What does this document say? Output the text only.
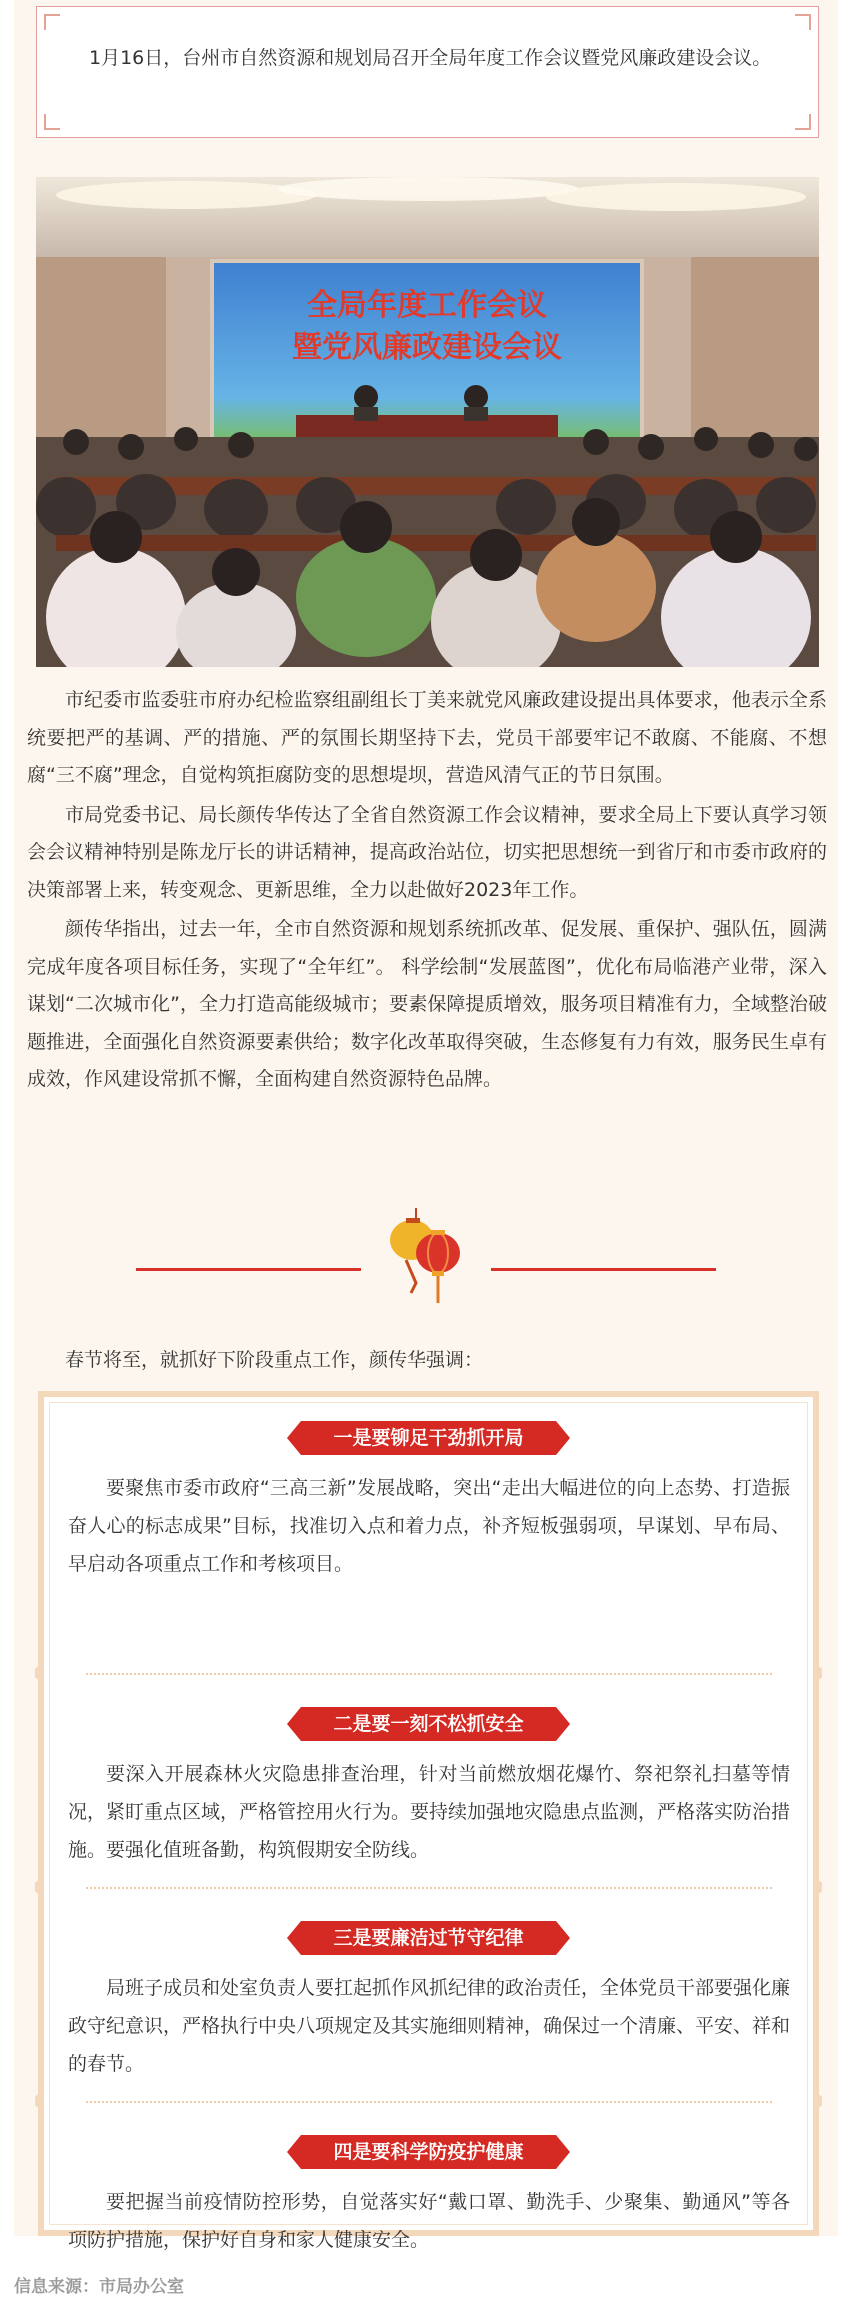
1月16日，台州市自然资源和规划局召开全局年度工作会议暨党风廉政建设会议。

全局年度工作会议
暨党风廉政建设会议

市纪委市监委驻市府办纪检监察组副组长丁美来就党风廉政建设提出具体要求，他表示全系统要把严的基调、严的措施、严的氛围长期坚持下去，党员干部要牢记不敢腐、不能腐、不想腐“三不腐”理念，自觉构筑拒腐防变的思想堤坝，营造风清气正的节日氛围。

市局党委书记、局长颜传华传达了全省自然资源工作会议精神，要求全局上下要认真学习领会会议精神特别是陈龙厅长的讲话精神，提高政治站位，切实把思想统一到省厅和市委市政府的决策部署上来，转变观念、更新思维，全力以赴做好2023年工作。

颜传华指出，过去一年，全市自然资源和规划系统抓改革、促发展、重保护、强队伍，圆满完成年度各项目标任务，实现了“全年红”。 科学绘制“发展蓝图”，优化布局临港产业带，深入谋划“二次城市化”，全力打造高能级城市；要素保障提质增效，服务项目精准有力，全域整治破题推进，全面强化自然资源要素供给；数字化改革取得突破，生态修复有力有效，服务民生卓有成效，作风建设常抓不懈，全面构建自然资源特色品牌。

春节将至，就抓好下阶段重点工作，颜传华强调：

一是要铆足干劲抓开局

要聚焦市委市政府“三高三新”发展战略，突出“走出大幅进位的向上态势、打造振奋人心的标志成果”目标，找准切入点和着力点，补齐短板强弱项，早谋划、早布局、早启动各项重点工作和考核项目。

二是要一刻不松抓安全

要深入开展森林火灾隐患排查治理，针对当前燃放烟花爆竹、祭祀祭礼扫墓等情况，紧盯重点区域，严格管控用火行为。要持续加强地灾隐患点监测，严格落实防治措施。要强化值班备勤，构筑假期安全防线。

三是要廉洁过节守纪律

局班子成员和处室负责人要扛起抓作风抓纪律的政治责任，全体党员干部要强化廉政守纪意识，严格执行中央八项规定及其实施细则精神，确保过一个清廉、平安、祥和的春节。

四是要科学防疫护健康

要把握当前疫情防控形势，自觉落实好“戴口罩、勤洗手、少聚集、勤通风”等各项防护措施，保护好自身和家人健康安全。

信息来源：市局办公室
